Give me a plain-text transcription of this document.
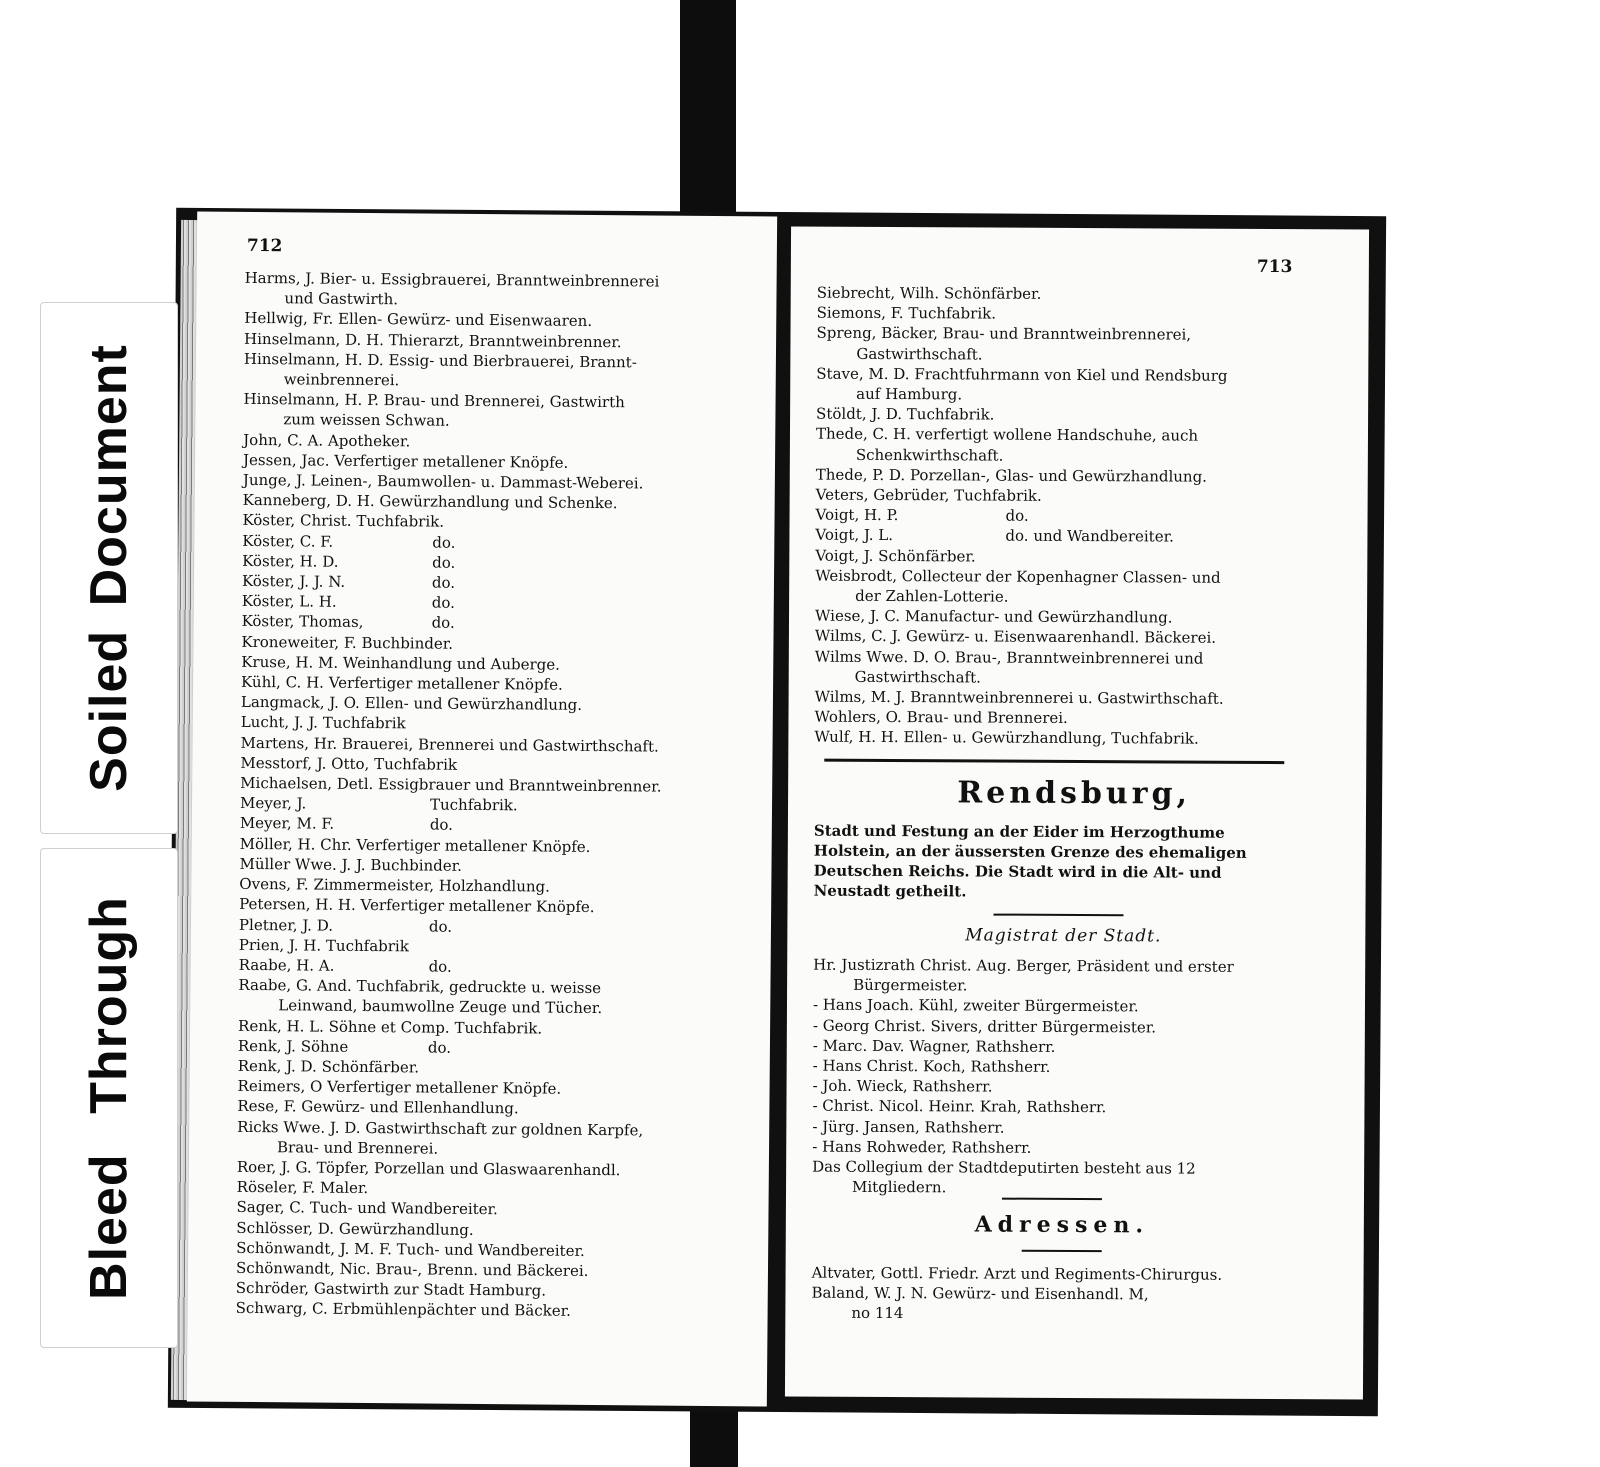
712
Harms, J. Bier- u. Essigbrauerei, Branntweinbrennerei
und Gastwirth.
Hellwig, Fr. Ellen- Gewürz- und Eisenwaaren.
Hinselmann, D. H. Thierarzt, Branntweinbrenner.
Hinselmann, H. D. Essig- und Bierbrauerei, Brannt-
weinbrennerei.
Hinselmann, H. P. Brau- und Brennerei, Gastwirth
zum weissen Schwan.
John, C. A. Apotheker.
Jessen, Jac. Verfertiger metallener Knöpfe.
Junge, J. Leinen-, Baumwollen- u. Dammast-Weberei.
Kanneberg, D. H. Gewürzhandlung und Schenke.
Köster, Christ. Tuchfabrik.
Köster, C. F.	do.
Köster, H. D.	do.
Köster, J. J. N.	do.
Köster, L. H.	do.
Köster, Thomas,	do.
Kroneweiter, F. Buchbinder.
Kruse, H. M. Weinhandlung und Auberge.
Kühl, C. H. Verfertiger metallener Knöpfe.
Langmack, J. O. Ellen- und Gewürzhandlung.
Lucht, J. J. Tuchfabrik
Martens, Hr. Brauerei, Brennerei und Gastwirthschaft.
Messtorf, J. Otto, Tuchfabrik
Michaelsen, Detl. Essigbrauer und Branntweinbrenner.
Meyer, J.	Tuchfabrik.
Meyer, M. F.	do.
Möller, H. Chr. Verfertiger metallener Knöpfe.
Müller Wwe. J. J. Buchbinder.
Ovens, F. Zimmermeister, Holzhandlung.
Petersen, H. H. Verfertiger metallener Knöpfe.
Pletner, J. D.	do.
Prien, J. H. Tuchfabrik
Raabe, H. A.	do.
Raabe, G. And. Tuchfabrik, gedruckte u. weisse
Leinwand, baumwollne Zeuge und Tücher.
Renk, H. L. Söhne et Comp. Tuchfabrik.
Renk, J. Söhne	do.
Renk, J. D. Schönfärber.
Reimers, O Verfertiger metallener Knöpfe.
Rese, F. Gewürz- und Ellenhandlung.
Ricks Wwe. J. D. Gastwirthschaft zur goldnen Karpfe,
Brau- und Brennerei.
Roer, J. G. Töpfer, Porzellan und Glaswaarenhandl.
Röseler, F. Maler.
Sager, C. Tuch- und Wandbereiter.
Schlösser, D. Gewürzhandlung.
Schönwandt, J. M. F. Tuch- und Wandbereiter.
Schönwandt, Nic. Brau-, Brenn. und Bäckerei.
Schröder, Gastwirth zur Stadt Hamburg.
Schwarg, C. Erbmühlenpächter und Bäcker.
713
Siebrecht, Wilh. Schönfärber.
Siemons, F. Tuchfabrik.
Spreng, Bäcker, Brau- und Branntweinbrennerei,
Gastwirthschaft.
Stave, M. D. Frachtfuhrmann von Kiel und Rendsburg
auf Hamburg.
Stöldt, J. D. Tuchfabrik.
Thede, C. H. verfertigt wollene Handschuhe, auch
Schenkwirthschaft.
Thede, P. D. Porzellan-, Glas- und Gewürzhandlung.
Veters, Gebrüder, Tuchfabrik.
Voigt, H. P.	do.
Voigt, J. L.	do. und Wandbereiter.
Voigt, J. Schönfärber.
Weisbrodt, Collecteur der Kopenhagner Classen- und
der Zahlen-Lotterie.
Wiese, J. C. Manufactur- und Gewürzhandlung.
Wilms, C. J. Gewürz- u. Eisenwaarenhandl. Bäckerei.
Wilms Wwe. D. O. Brau-, Branntweinbrennerei und
Gastwirthschaft.
Wilms, M. J. Branntweinbrennerei u. Gastwirthschaft.
Wohlers, O. Brau- und Brennerei.
Wulf, H. H. Ellen- u. Gewürzhandlung, Tuchfabrik.
Rendsburg,
Stadt und Festung an der Eider im Herzogthume
Holstein, an der äussersten Grenze des ehemaligen
Deutschen Reichs. Die Stadt wird in die Alt- und
Neustadt getheilt.
Magistrat der Stadt.
Hr. Justizrath Christ. Aug. Berger, Präsident und erster
Bürgermeister.
- Hans Joach. Kühl, zweiter Bürgermeister.
- Georg Christ. Sivers, dritter Bürgermeister.
- Marc. Dav. Wagner, Rathsherr.
- Hans Christ. Koch, Rathsherr.
- Joh. Wieck, Rathsherr.
- Christ. Nicol. Heinr. Krah, Rathsherr.
- Jürg. Jansen, Rathsherr.
- Hans Rohweder, Rathsherr.
Das Collegium der Stadtdeputirten besteht aus 12
Mitgliedern.
Adressen.
Altvater, Gottl. Friedr. Arzt und Regiments-Chirurgus.
Baland, W. J. N. Gewürz- und Eisenhandl. M,
no 114
Soiled Document
Bleed Through
